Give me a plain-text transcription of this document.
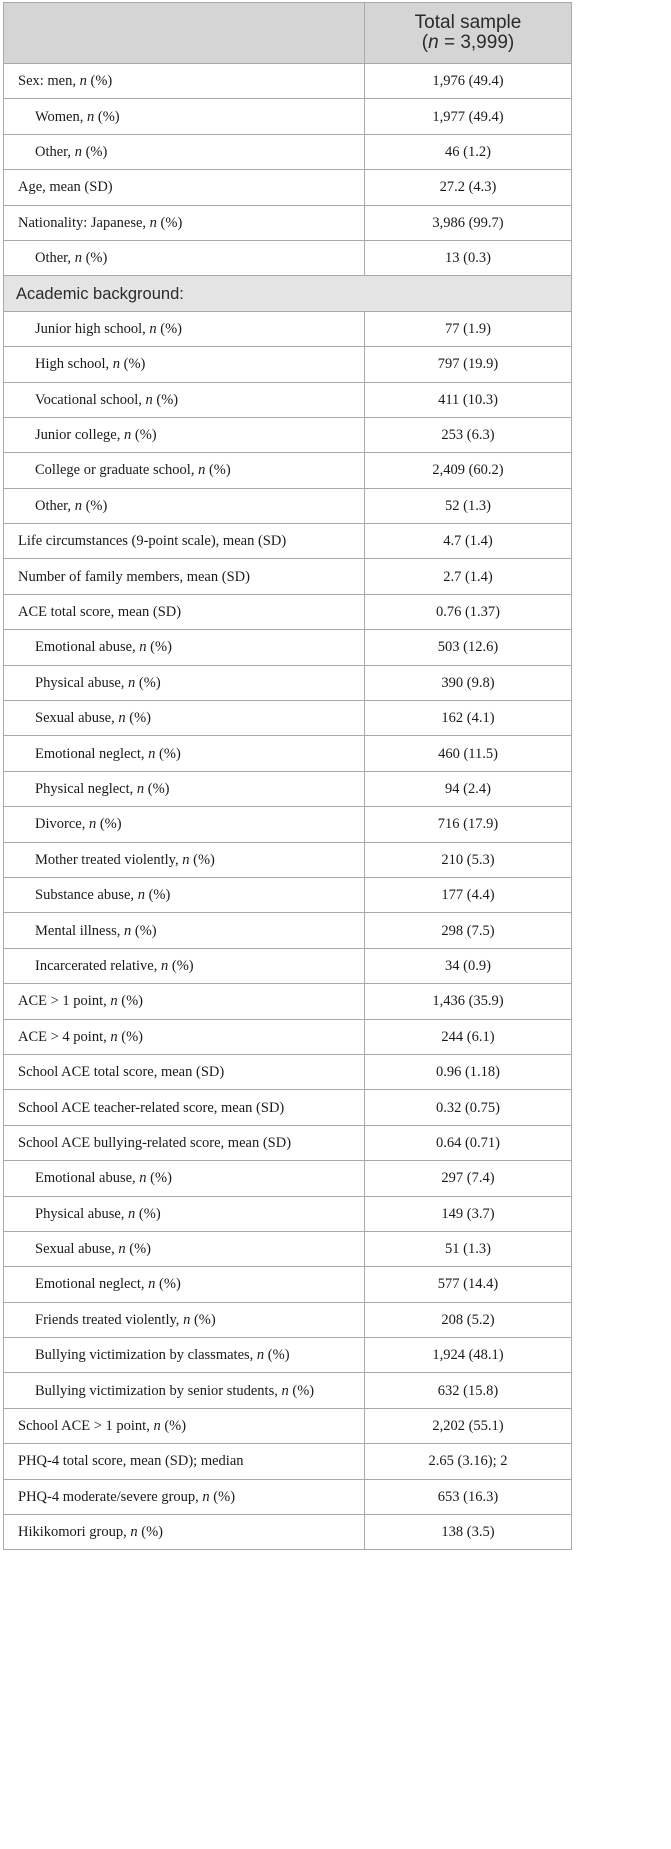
	Total sample
(n = 3,999)
Sex: men, n (%)	1,976 (49.4)
Women, n (%)	1,977 (49.4)
Other, n (%)	46 (1.2)
Age, mean (SD)	27.2 (4.3)
Nationality: Japanese, n (%)	3,986 (99.7)
Other, n (%)	13 (0.3)
Academic background:	
Junior high school, n (%)	77 (1.9)
High school, n (%)	797 (19.9)
Vocational school, n (%)	411 (10.3)
Junior college, n (%)	253 (6.3)
College or graduate school, n (%)	2,409 (60.2)
Other, n (%)	52 (1.3)
Life circumstances (9-point scale), mean (SD)	4.7 (1.4)
Number of family members, mean (SD)	2.7 (1.4)
ACE total score, mean (SD)	0.76 (1.37)
Emotional abuse, n (%)	503 (12.6)
Physical abuse, n (%)	390 (9.8)
Sexual abuse, n (%)	162 (4.1)
Emotional neglect, n (%)	460 (11.5)
Physical neglect, n (%)	94 (2.4)
Divorce, n (%)	716 (17.9)
Mother treated violently, n (%)	210 (5.3)
Substance abuse, n (%)	177 (4.4)
Mental illness, n (%)	298 (7.5)
Incarcerated relative, n (%)	34 (0.9)
ACE > 1 point, n (%)	1,436 (35.9)
ACE > 4 point, n (%)	244 (6.1)
School ACE total score, mean (SD)	0.96 (1.18)
School ACE teacher-related score, mean (SD)	0.32 (0.75)
School ACE bullying-related score, mean (SD)	0.64 (0.71)
Emotional abuse, n (%)	297 (7.4)
Physical abuse, n (%)	149 (3.7)
Sexual abuse, n (%)	51 (1.3)
Emotional neglect, n (%)	577 (14.4)
Friends treated violently, n (%)	208 (5.2)
Bullying victimization by classmates, n (%)	1,924 (48.1)
Bullying victimization by senior students, n (%)	632 (15.8)
School ACE > 1 point, n (%)	2,202 (55.1)
PHQ-4 total score, mean (SD); median	2.65 (3.16); 2
PHQ-4 moderate/severe group, n (%)	653 (16.3)
Hikikomori group, n (%)	138 (3.5)
